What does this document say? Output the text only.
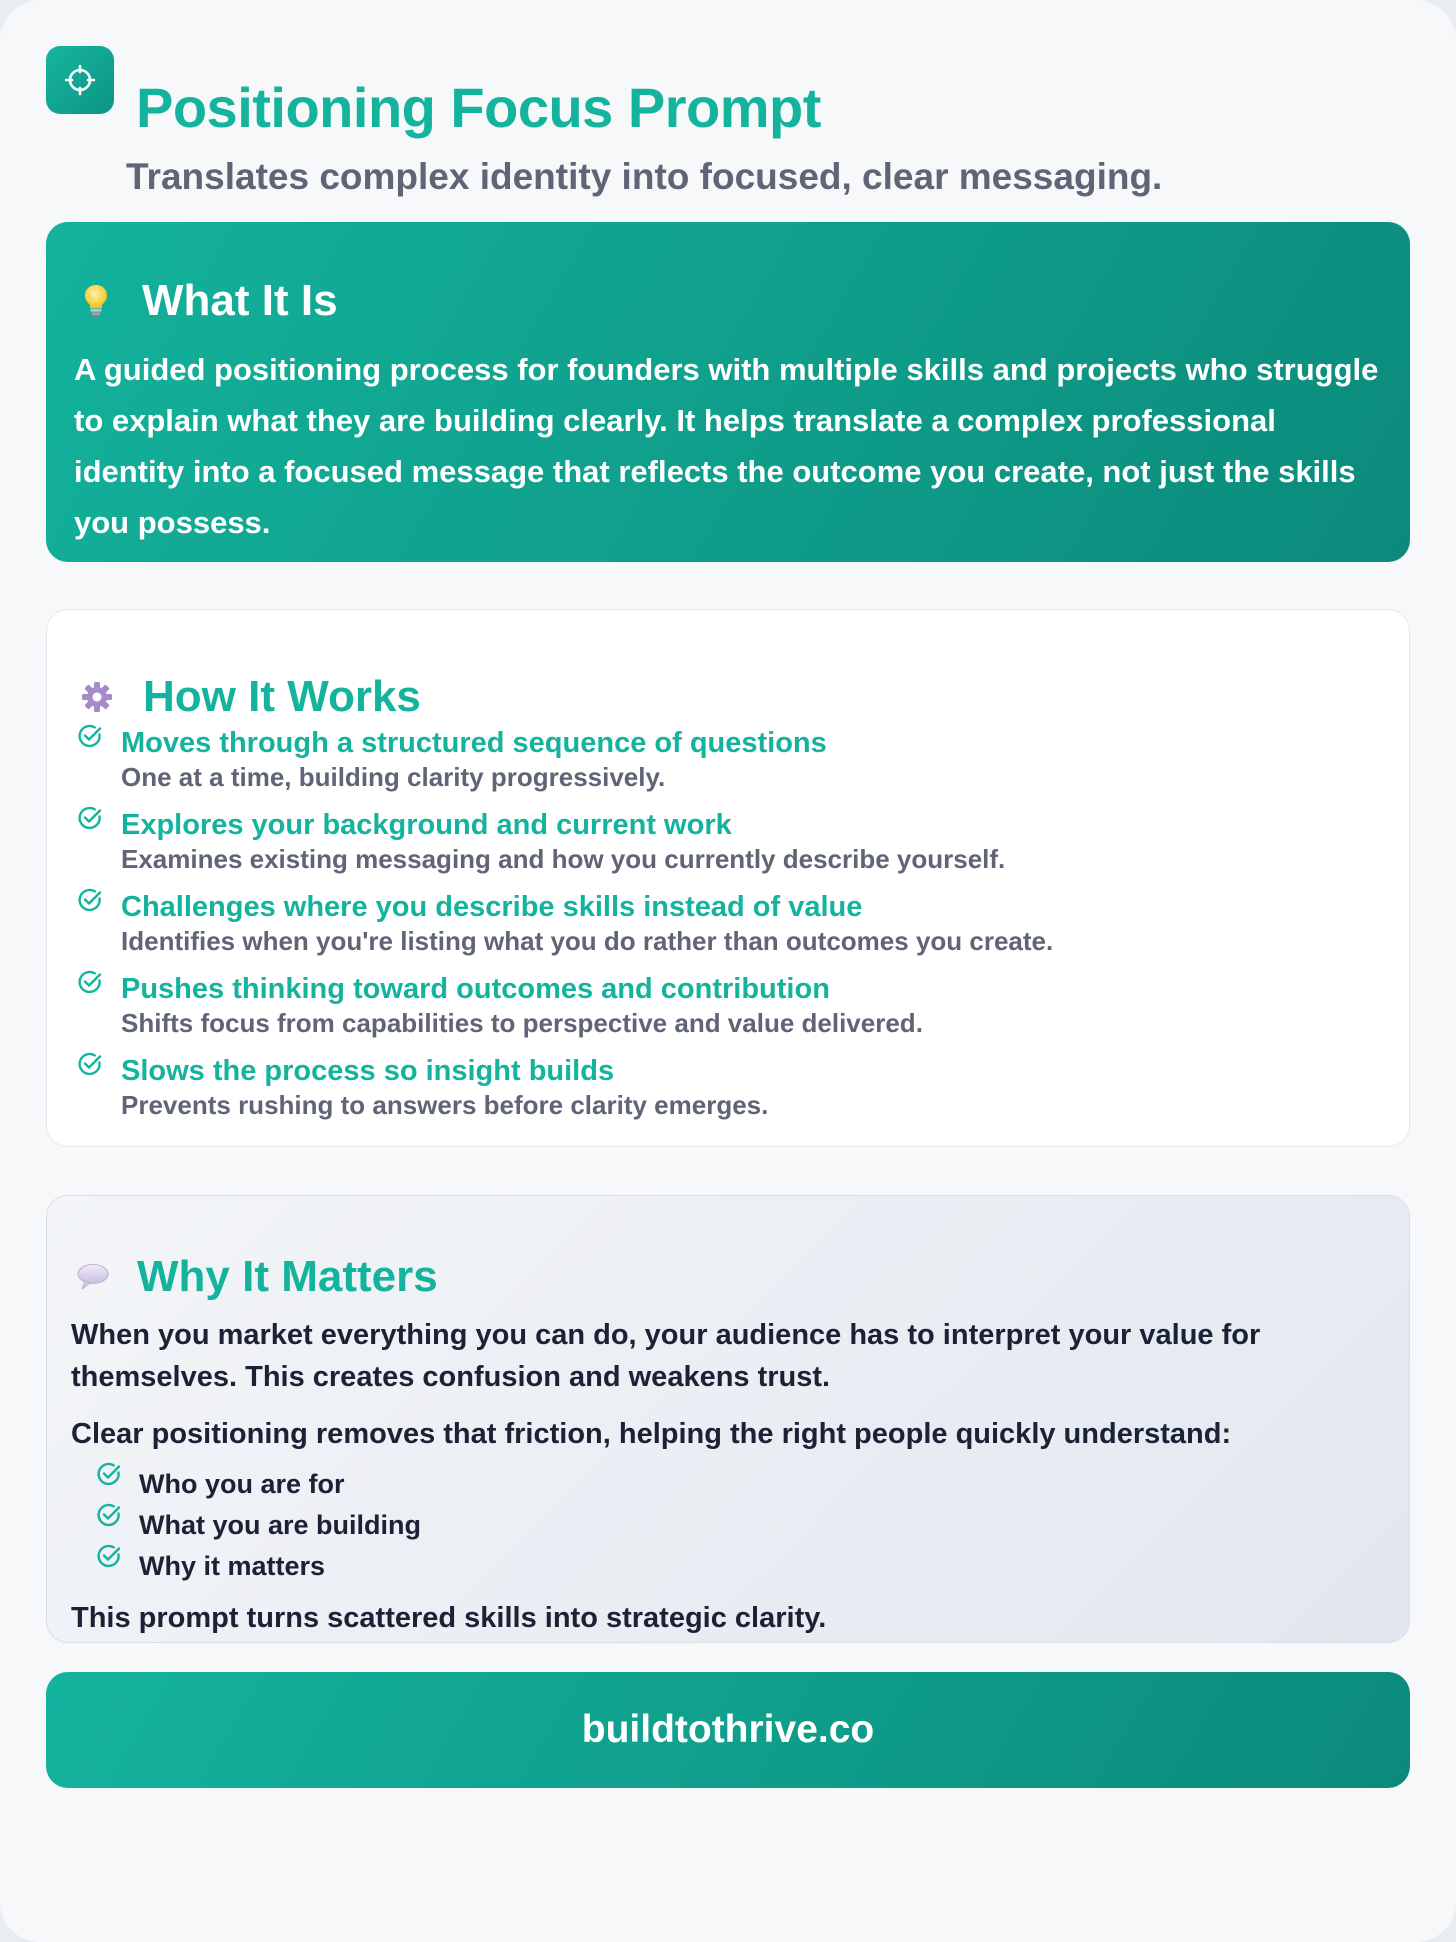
Positioning Focus Prompt
Translates complex identity into focused, clear messaging.
What It Is

A guided positioning process for founders with multiple skills and projects who struggle to explain what they are building clearly. It helps translate a complex professional identity into a focused message that reflects the outcome you create, not just the skills you possess.

How It Works
Moves through a structured sequence of questions
One at a time, building clarity progressively.
Explores your background and current work
Examines existing messaging and how you currently describe yourself.
Challenges where you describe skills instead of value
Identifies when you're listing what you do rather than outcomes you create.
Pushes thinking toward outcomes and contribution
Shifts focus from capabilities to perspective and value delivered.
Slows the process so insight builds
Prevents rushing to answers before clarity emerges.
Why It Matters

When you market everything you can do, your audience has to interpret your value for themselves. This creates confusion and weakens trust.

Clear positioning removes that friction, helping the right people quickly understand:

Who you are for
What you are building
Why it matters

This prompt turns scattered skills into strategic clarity.

buildtothrive.co
